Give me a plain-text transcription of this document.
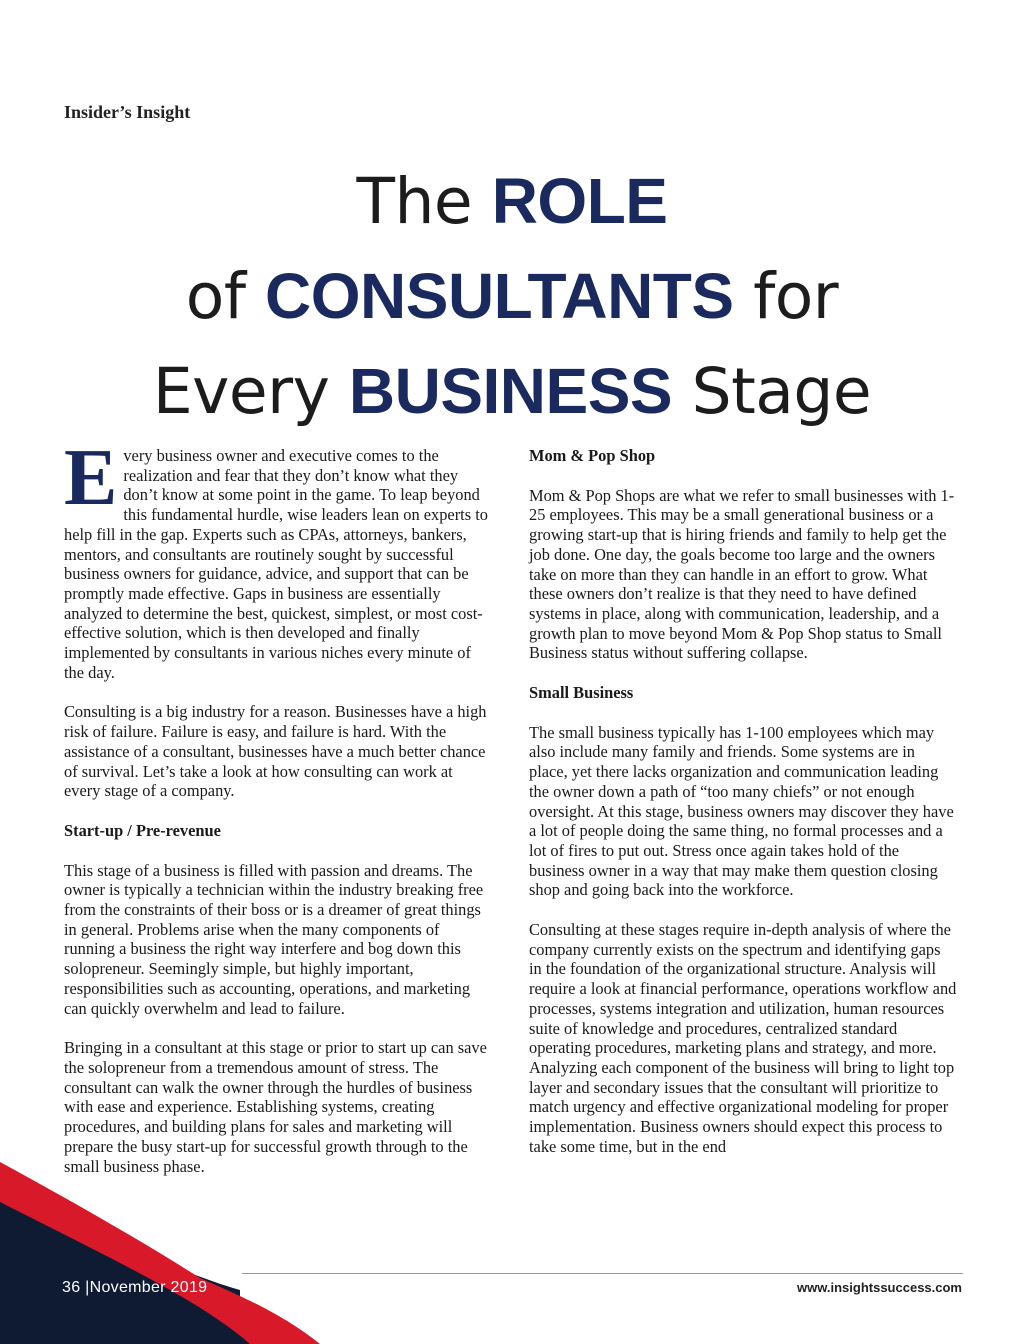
Insider’s Insight
The ROLE
of CONSULTANTS for
Every BUSINESS Stage

Every business owner and executive comes to the realization and fear that they don’t know what they don’t know at some point in the game. To leap beyond this fundamental hurdle, wise leaders lean on experts to help fill in the gap. Experts such as CPAs, attorneys, bankers, mentors, and consultants are routinely sought by successful business owners for guidance, advice, and support that can be promptly made effective. Gaps in business are essentially analyzed to determine the best, quickest, simplest, or most cost-effective solution, which is then developed and finally implemented by consultants in various niches every minute of the day.

Consulting is a big industry for a reason. Businesses have a high risk of failure. Failure is easy, and failure is hard. With the assistance of a consultant, businesses have a much better chance of survival. Let’s take a look at how consulting can work at every stage of a company.

Start-up / Pre-revenue

This stage of a business is filled with passion and dreams. The owner is typically a technician within the industry breaking free from the constraints of their boss or is a dreamer of great things in general. Problems arise when the many components of running a business the right way interfere and bog down this solopreneur. Seemingly simple, but highly important, responsibilities such as accounting, operations, and marketing can quickly overwhelm and lead to failure.

Bringing in a consultant at this stage or prior to start up can save the solopreneur from a tremendous amount of stress. The consultant can walk the owner through the hurdles of business with ease and experience. Establishing systems, creating procedures, and building plans for sales and marketing will prepare the busy start-up for successful growth through to the small business phase.

Mom & Pop Shop

Mom & Pop Shops are what we refer to small businesses with 1-25 employees. This may be a small generational business or a growing start-up that is hiring friends and family to help get the job done. One day, the goals become too large and the owners take on more than they can handle in an effort to grow. What these owners don’t realize is that they need to have defined systems in place, along with communication, leadership, and a growth plan to move beyond Mom & Pop Shop status to Small Business status without suffering collapse.

Small Business

The small business typically has 1-100 employees which may also include many family and friends. Some systems are in place, yet there lacks organization and communication leading the owner down a path of “too many chiefs” or not enough oversight. At this stage, business owners may discover they have a lot of people doing the same thing, no formal processes and a lot of fires to put out. Stress once again takes hold of the business owner in a way that may make them question closing shop and going back into the workforce.

Consulting at these stages require in-depth analysis of where the company currently exists on the spectrum and identifying gaps in the foundation of the organizational structure. Analysis will require a look at financial performance, operations workflow and processes, systems integration and utilization, human resources suite of knowledge and procedures, centralized standard operating procedures, marketing plans and strategy, and more. Analyzing each component of the business will bring to light top layer and secondary issues that the consultant will prioritize to match urgency and effective organizational modeling for proper implementation. Business owners should expect this process to take some time, but in the end

36 |November 2019	www.insightssuccess.com
